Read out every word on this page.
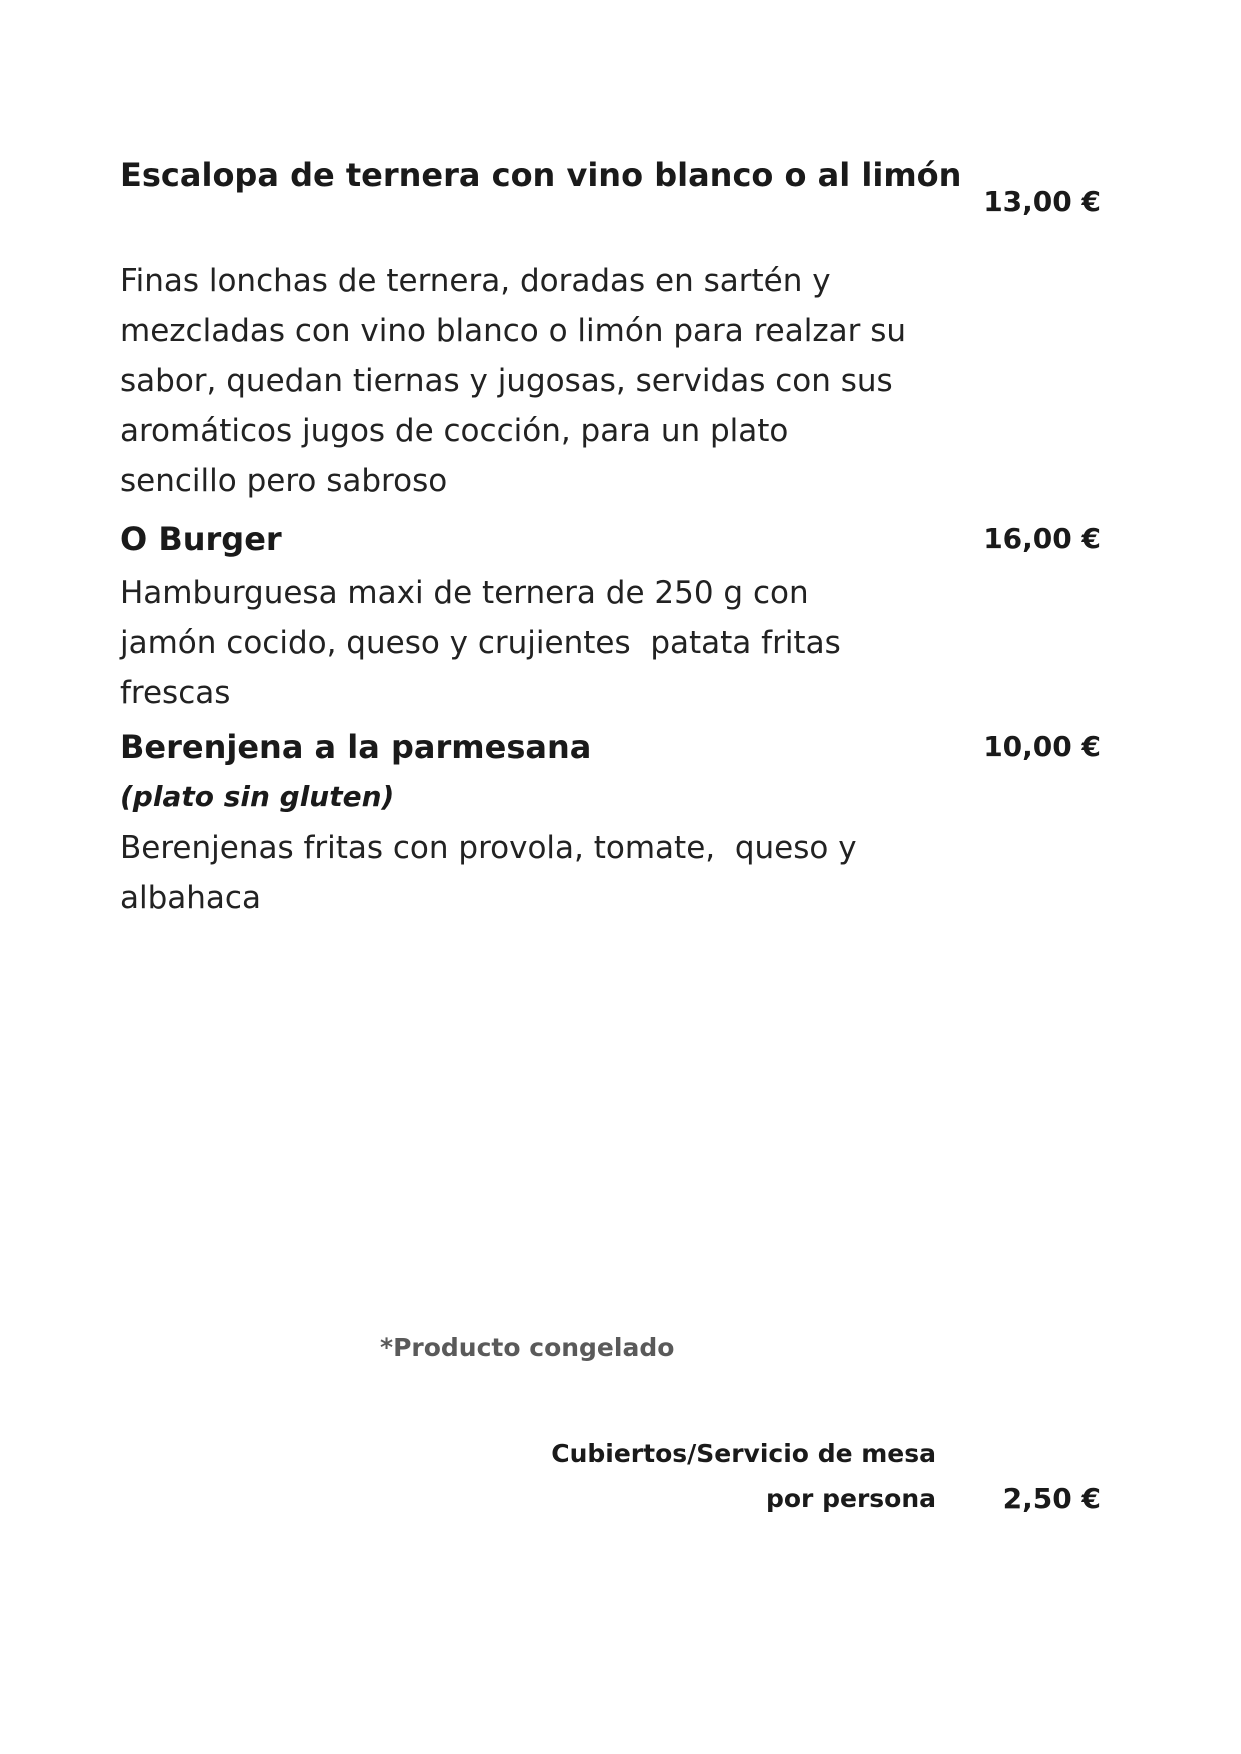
Escalopa de ternera con vino blanco o al limón
13,00 €
Finas lonchas de ternera, doradas en sartén y
mezcladas con vino blanco o limón para realzar su
sabor, quedan tiernas y jugosas, servidas con sus
aromáticos jugos de cocción, para un plato
sencillo pero sabroso
O Burger	16,00 €
Hamburguesa maxi de ternera de 250 g con
jamón cocido, queso y crujientes  patata fritas
frescas
Berenjena a la parmesana	10,00 €
(plato sin gluten)
Berenjenas fritas con provola, tomate,  queso y
albahaca
*Producto congelado
Cubiertos/Servicio de mesa
por persona 2,50 €
